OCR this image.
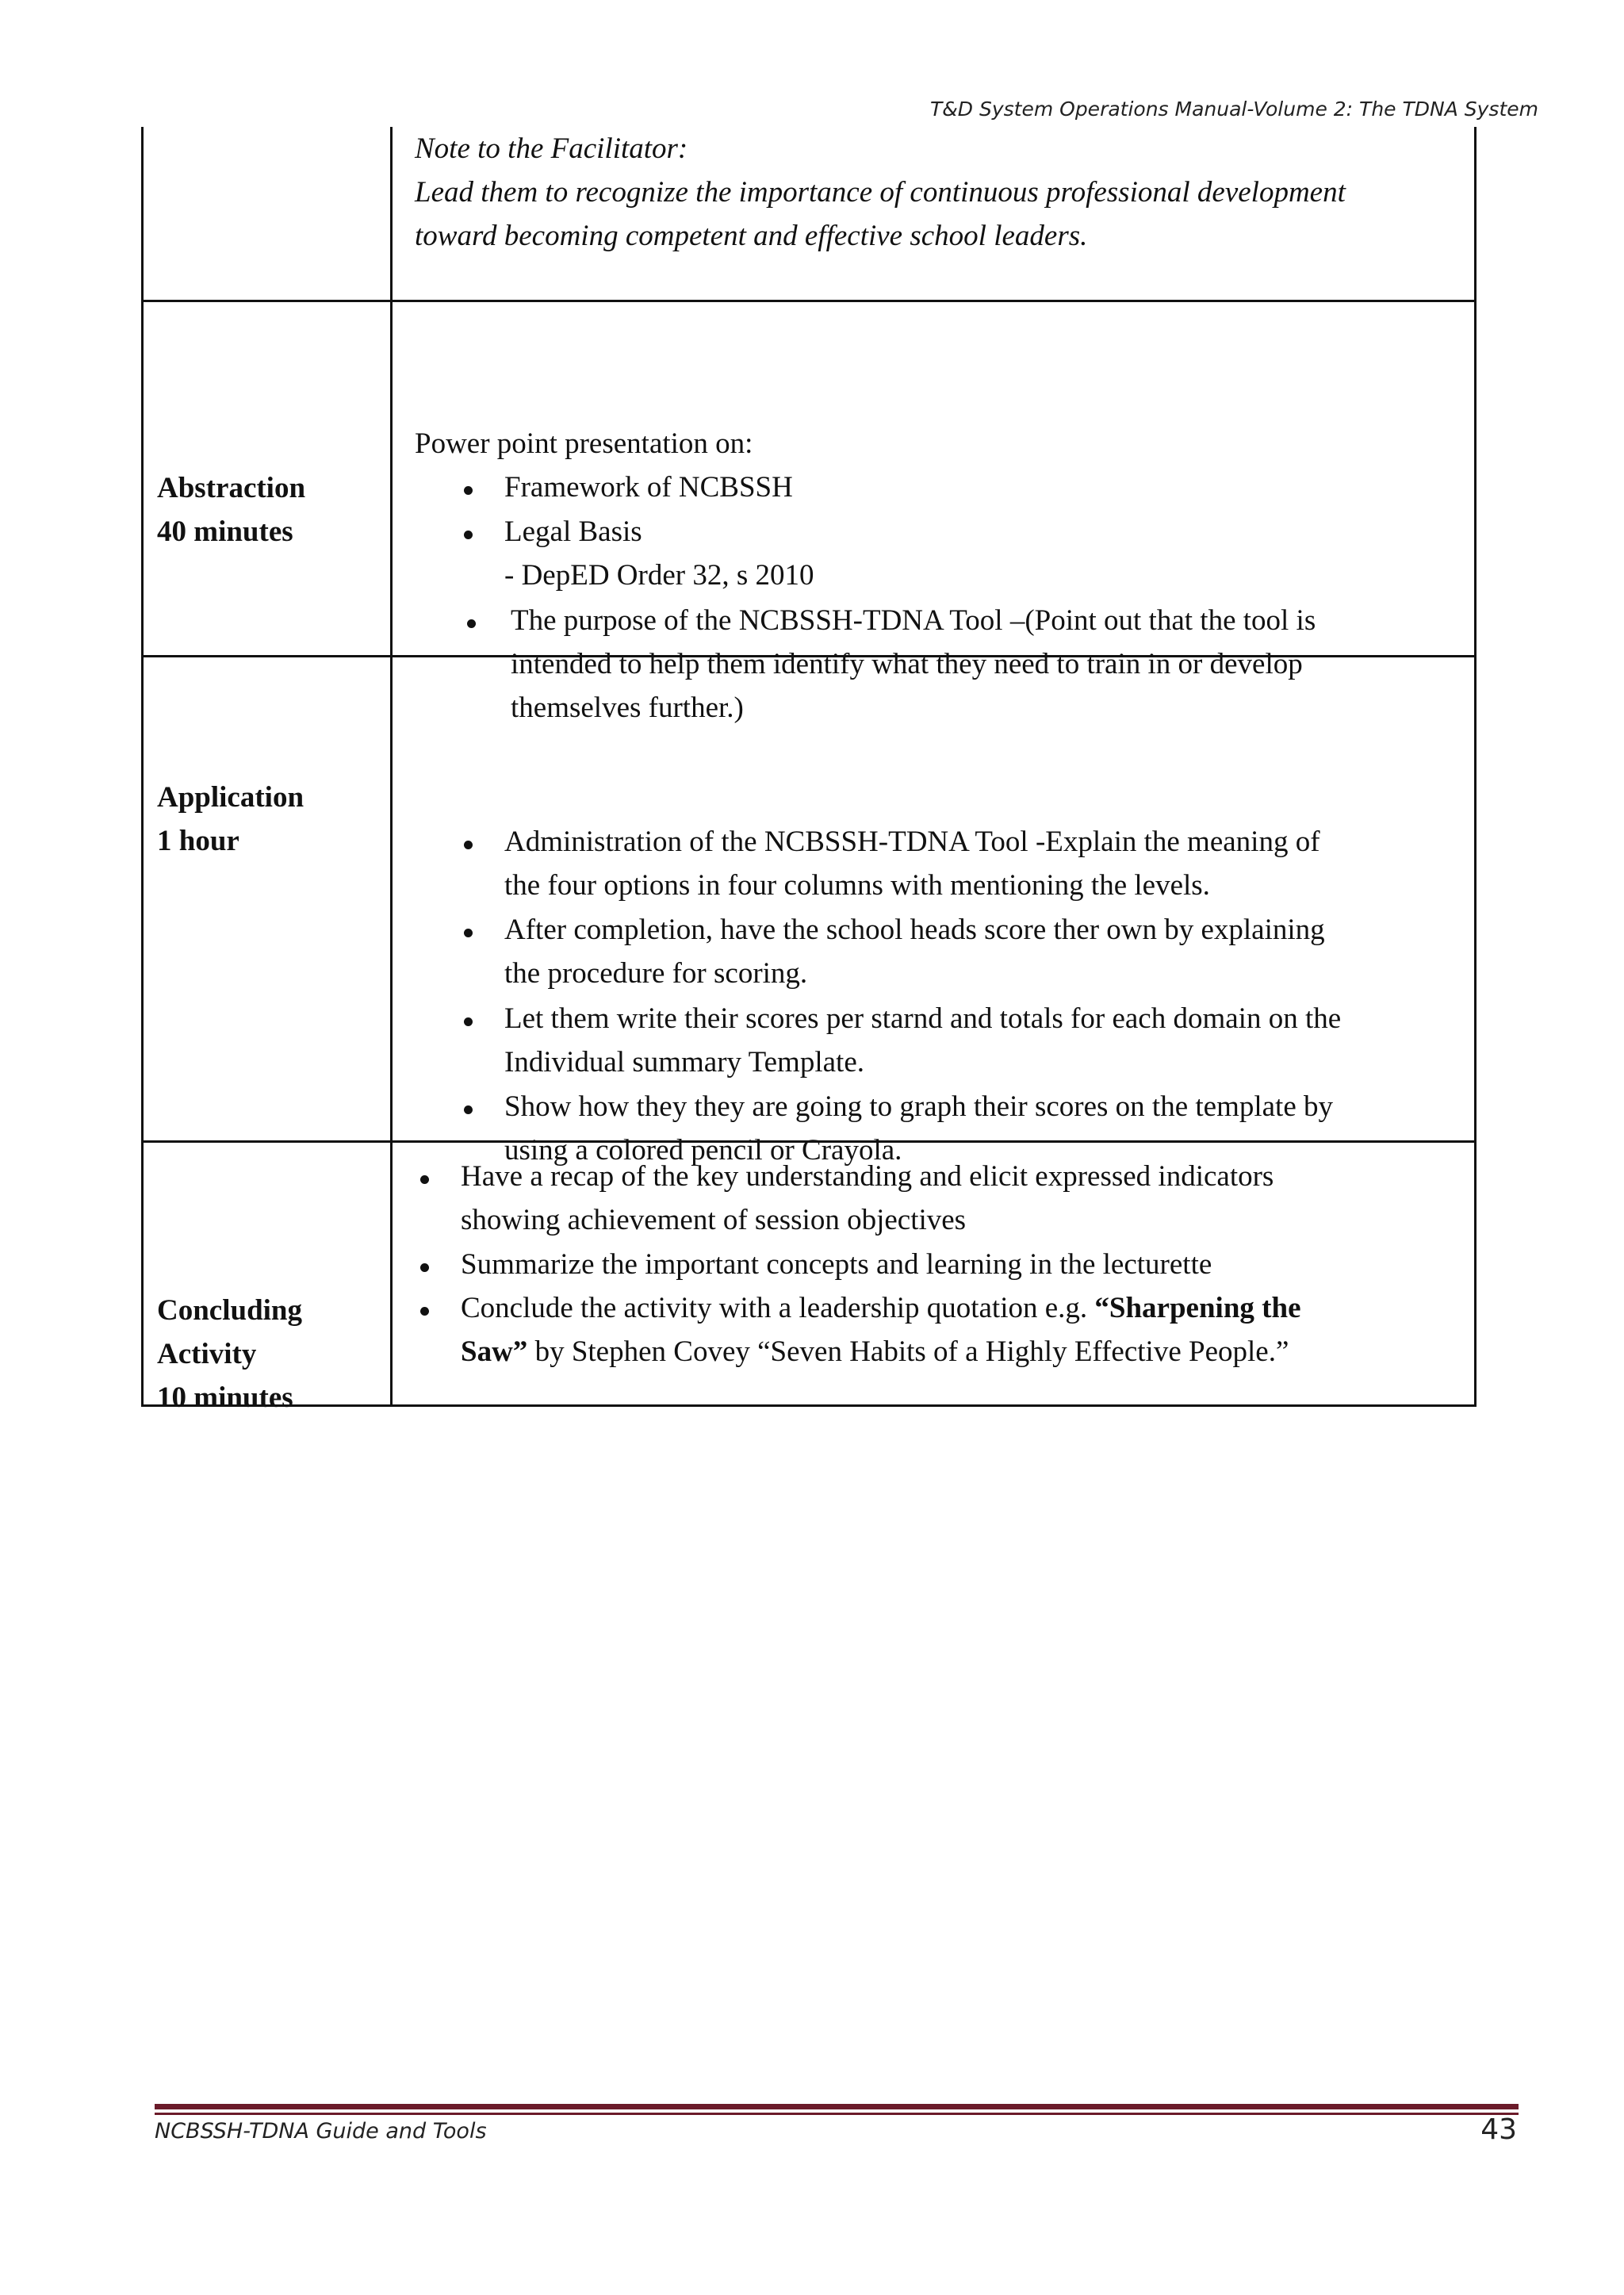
T&D System Operations Manual-Volume 2: The TDNA System
Note to the Facilitator:
Lead them to recognize the importance of continuous professional development
toward becoming competent and effective school leaders.
Abstraction
40 minutes
Power point presentation on:
Framework of NCBSSH
Legal Basis
- DepED Order 32, s 2010
The purpose of the NCBSSH-TDNA Tool –(Point out that the tool is
intended to help them identify what they need to train in or develop
themselves further.)
Application
1 hour	Administration of the NCBSSH-TDNA Tool -Explain the meaning of
the four options in four columns with mentioning the levels.
After completion, have the school heads score ther own by explaining
the procedure for scoring.
Let them write their scores per starnd and totals for each domain on the
Individual summary Template.
Show how they they are going to graph their scores on the template by
using a colored pencil or Crayola.
Concluding
Activity
10 minutes
Have a recap of the key understanding and elicit expressed indicators
showing achievement of session objectives
Summarize the important concepts and learning in the lecturette
Conclude the activity with a leadership quotation e.g. “Sharpening the
Saw” by Stephen Covey “Seven Habits of a Highly Effective People.”
NCBSSH-TDNA Guide and Tools	43
